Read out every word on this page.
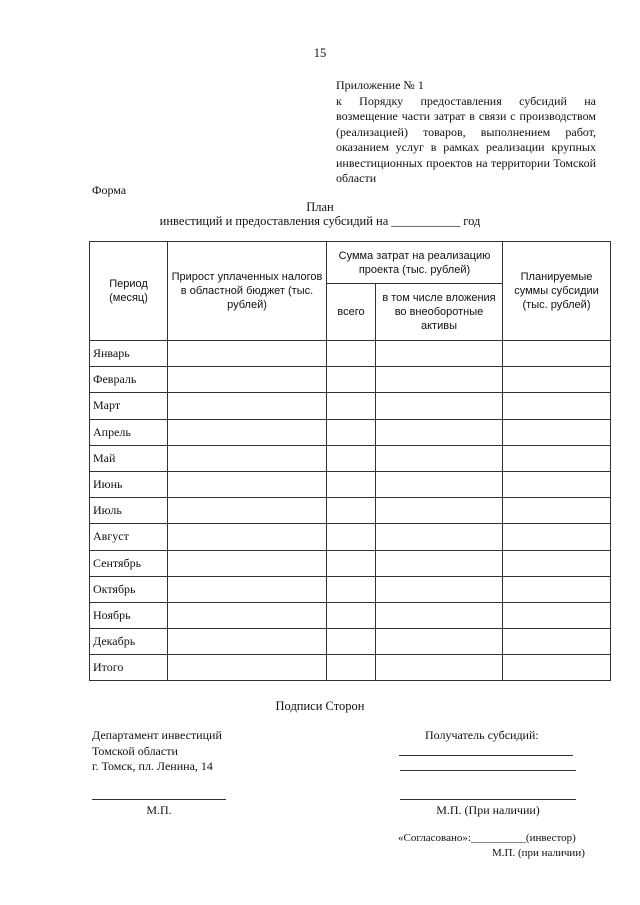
15
Приложение № 1
к Порядку предоставления субсидий на возмещение части затрат в связи с производством (реализацией) товаров, выполнением работ, оказанием услуг в рамках реализации крупных инвестиционных проектов на территории Томской области
Форма
План
инвестиций и предоставления субсидий на ___________ год
Период (месяц)	Прирост уплаченных налогов в областной бюджет (тыс. рублей)	Сумма затрат на реализацию проекта (тыс. рублей)		Планируемые суммы субсидии (тыс. рублей)
		всего	в том числе вложения во внеоборотные активы	
Январь				
Февраль				
Март				
Апрель				
Май				
Июнь				
Июль				
Август				
Сентябрь				
Октябрь				
Ноябрь				
Декабрь				
Итого				
Подписи Сторон
Департамент инвестиций
Томской области
г. Томск, пл. Ленина, 14
Получатель субсидий:
М.П.	М.П. (При наличии)
«Согласовано»:__________(инвестор)
М.П. (при наличии)
